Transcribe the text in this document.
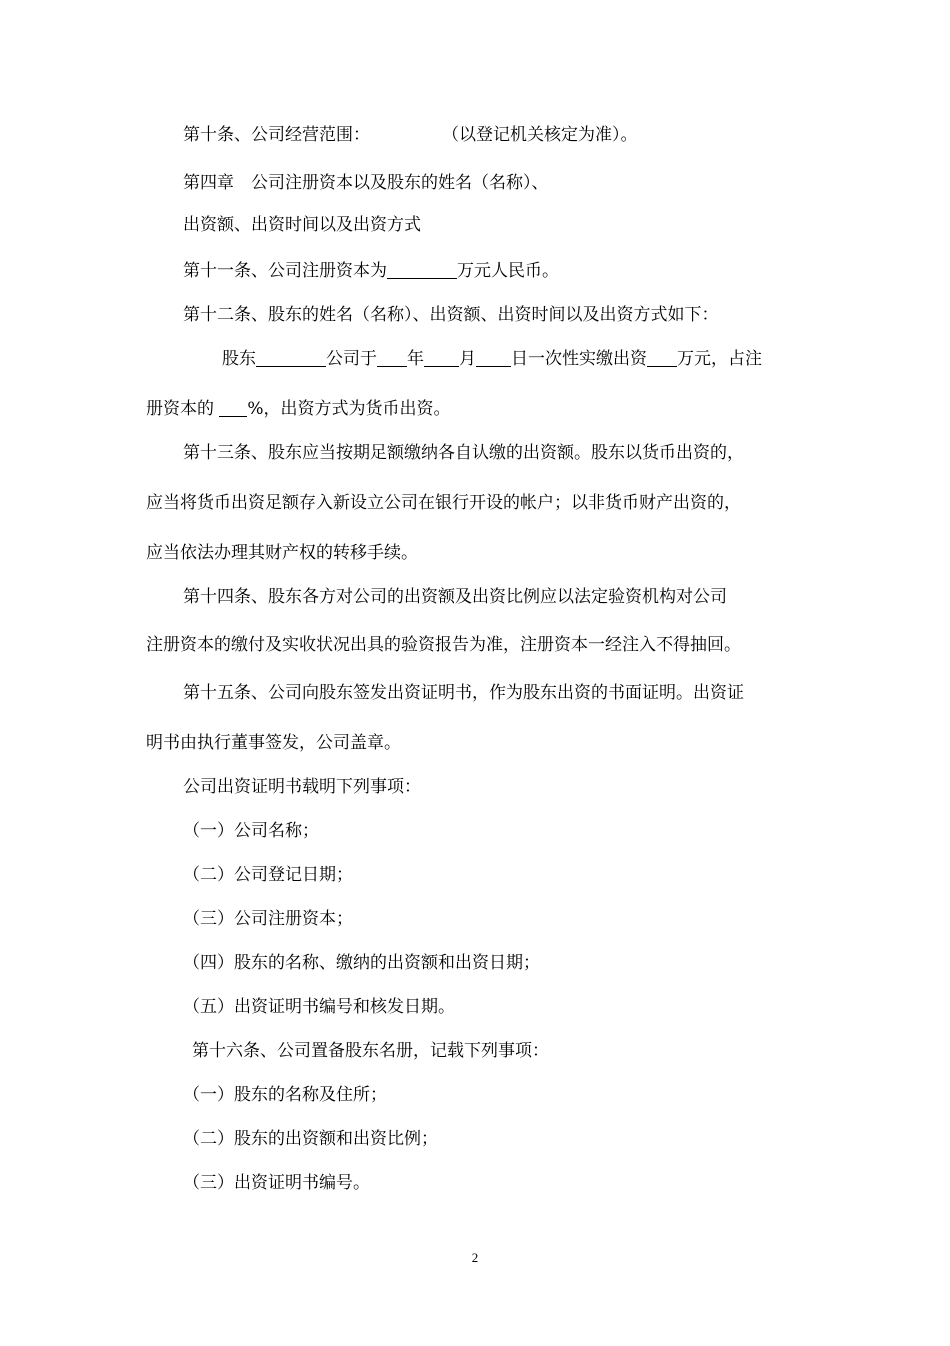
第十条、公司经营范围：	（以登记机关核定为准）。
第四章　公司注册资本以及股东的姓名（名称）、
出资额、出资时间以及出资方式
第十一条、公司注册资本为	万元人民币。
第十二条、股东的姓名（名称）、出资额、出资时间以及出资方式如下：
股东	公司于 年 月 日一次性实缴出资 万元，占注
册资本的 %，出资方式为货币出资。
第十三条、股东应当按期足额缴纳各自认缴的出资额。股东以货币出资的，
应当将货币出资足额存入新设立公司在银行开设的帐户；以非货币财产出资的，
应当依法办理其财产权的转移手续。
第十四条、股东各方对公司的出资额及出资比例应以法定验资机构对公司
注册资本的缴付及实收状况出具的验资报告为准，注册资本一经注入不得抽回。
第十五条、公司向股东签发出资证明书，作为股东出资的书面证明。出资证
明书由执行董事签发，公司盖章。
公司出资证明书载明下列事项：
（一）公司名称；
（二）公司登记日期；
（三）公司注册资本；
（四）股东的名称、缴纳的出资额和出资日期；
（五）出资证明书编号和核发日期。
第十六条、公司置备股东名册，记载下列事项：
（一）股东的名称及住所；
（二）股东的出资额和出资比例；
（三）出资证明书编号。
2
